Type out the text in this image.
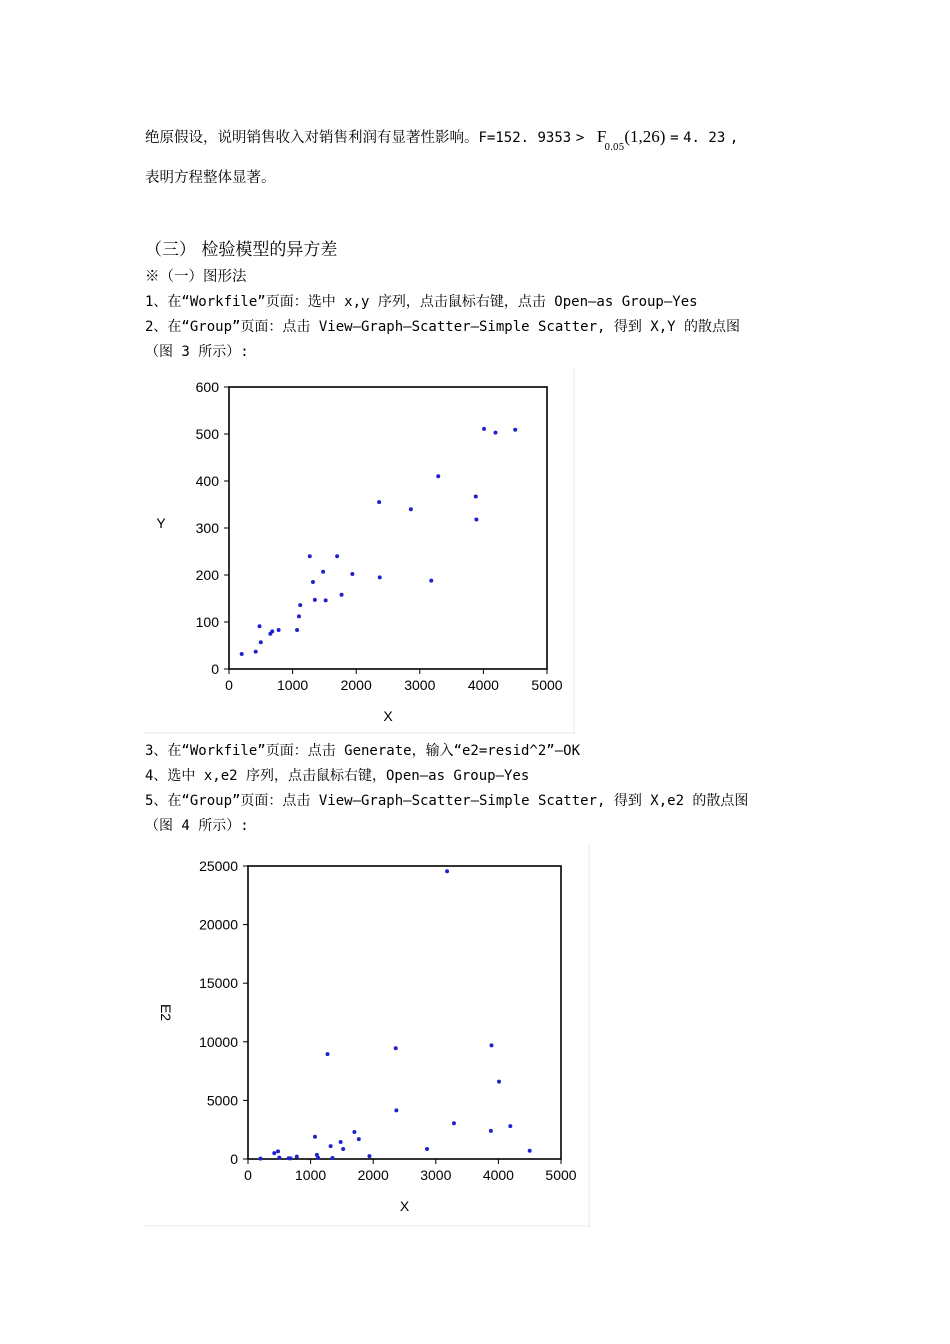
绝原假设，说明销售收入对销售利润有显著性影响。F=152. $9353 > F_{0.05}(1,26) = 4$. 23 ,
表明方程整体显著。
（三） 检验模型的异方差
※（一）图形法
1、在“Workfile”页面：选中 x,y 序列，点击鼠标右键，点击 Open—as Group—Yes
2、在“Group”页面：点击 View—Graph—Scatter—Simple Scatter, 得到 X,Y 的散点图
（图 3 所示）:
0	1000 2000 3000 4000 5000
0
100
200
300
400
500
600
X
Y
3、在“Workfile”页面：点击 Generate，输入“e2=resid^2”—OK
4、选中 x,e2 序列，点击鼠标右键，Open—as Group—Yes
5、在“Group”页面：点击 View—Graph—Scatter—Simple Scatter, 得到 X,e2 的散点图
（图 4 所示）:
0	1000 2000 3000 4000 5000
0
5000
10000
15000
20000
25000
X
E2
